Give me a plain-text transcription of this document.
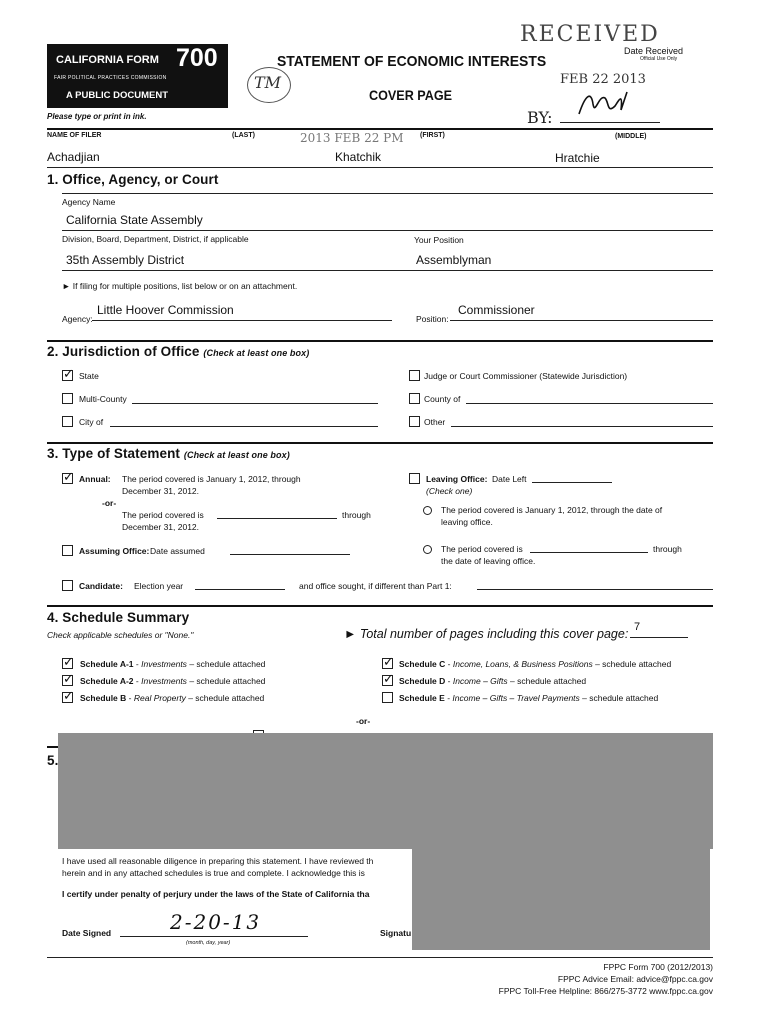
CALIFORNIA FORM 700
FAIR POLITICAL PRACTICES COMMISSION
A PUBLIC DOCUMENT
STATEMENT OF ECONOMIC INTERESTS
COVER PAGE
Please type or print in ink.
TM
RECEIVED
Date Received
Official Use Only
FEB 22 2013
BY:
2013 FEB 22 PM
NAME OF FILER	(LAST)	(FIRST)	(MIDDLE)
Achadjian	Khatchik	Hratchie
1. Office, Agency, or Court
Agency Name
California State Assembly
Division, Board, Department, District, if applicable	Your Position
35th Assembly District	Assemblyman
► If filing for multiple positions, list below or on an attachment.
Agency:
Little Hoover Commission
Position:
Commissioner
2. Jurisdiction of Office (Check at least one box)
✓ State
Multi-County
City of
Judge or Court Commissioner (Statewide Jurisdiction)
County of
Other
3. Type of Statement (Check at least one box)
✓ Annual: The period covered is January 1, 2012, through
December 31, 2012.
-or-
The period covered is	through
December 31, 2012.
Assuming Office: Date assumed
Leaving Office: Date Left
(Check one)
The period covered is January 1, 2012, through the date of
leaving office.
The period covered is	through
the date of leaving office.
Candidate: Election year	and office sought, if different than Part 1:
4. Schedule Summary
Check applicable schedules or "None."	► Total number of pages including this cover page: 7
✓ Schedule A-1 - Investments – schedule attached
✓ Schedule A-2 - Investments – schedule attached
✓ Schedule B - Real Property – schedule attached
✓ Schedule C - Income, Loans, & Business Positions – schedule attached
✓ Schedule D - Income – Gifts – schedule attached
Schedule E - Income – Gifts – Travel Payments – schedule attached
-or-
5.
I have used all reasonable diligence in preparing this statement. I have reviewed th
herein and in any attached schedules is true and complete. I acknowledge this is
I certify under penalty of perjury under the laws of the State of California tha
Date Signed	2-20-13
(month, day, year)
Signatu
FPPC Form 700 (2012/2013)
FPPC Advice Email: advice@fppc.ca.gov
FPPC Toll-Free Helpline: 866/275-3772 www.fppc.ca.gov
